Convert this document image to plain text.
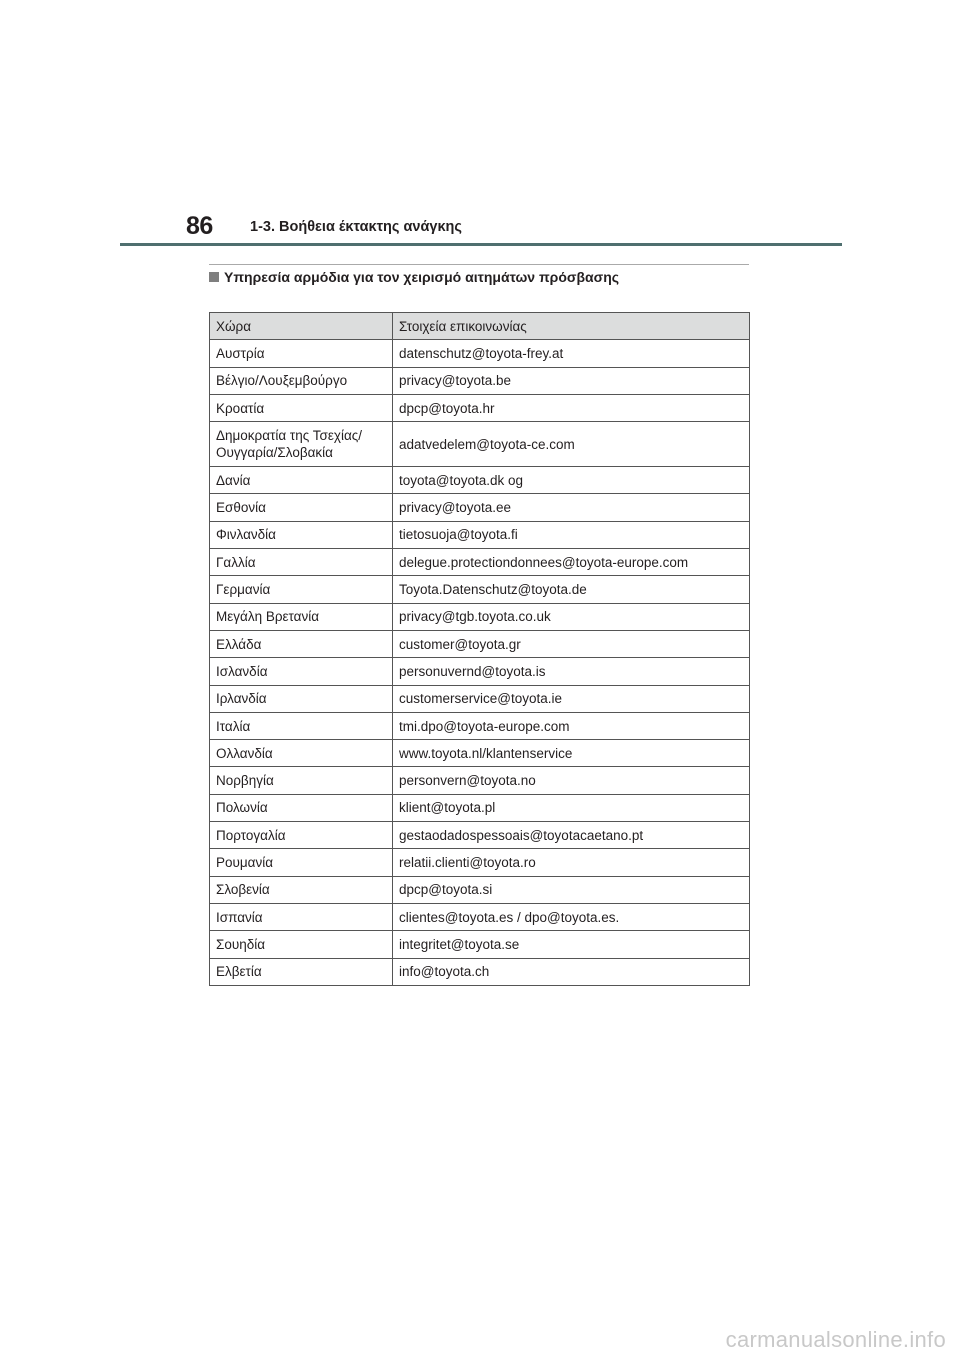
86	1-3. Βοήθεια έκτακτης ανάγκης
Υπηρεσία αρμόδια για τον χειρισμό αιτημάτων πρόσβασης
Χώρα	Στοιχεία επικοινωνίας
Αυστρία	datenschutz@toyota-frey.at
Βέλγιο/Λουξεμβούργο	privacy@toyota.be
Κροατία	dpcp@toyota.hr
Δημοκρατία της Τσεχίας/
Ουγγαρία/Σλοβακία	adatvedelem@toyota-ce.com
Δανία	toyota@toyota.dk og
Εσθονία	privacy@toyota.ee
Φινλανδία	tietosuoja@toyota.fi
Γαλλία	delegue.protectiondonnees@toyota-europe.com
Γερμανία	Toyota.Datenschutz@toyota.de
Μεγάλη Βρετανία	privacy@tgb.toyota.co.uk
Ελλάδα	customer@toyota.gr
Ισλανδία	personuvernd@toyota.is
Ιρλανδία	customerservice@toyota.ie
Ιταλία	tmi.dpo@toyota-europe.com
Ολλανδία	www.toyota.nl/klantenservice
Νορβηγία	personvern@toyota.no
Πολωνία	klient@toyota.pl
Πορτογαλία	gestaodadospessoais@toyotacaetano.pt
Ρουμανία	relatii.clienti@toyota.ro
Σλοβενία	dpcp@toyota.si
Ισπανία	clientes@toyota.es / dpo@toyota.es.
Σουηδία	integritet@toyota.se
Ελβετία	info@toyota.ch
carmanualsonline.info
